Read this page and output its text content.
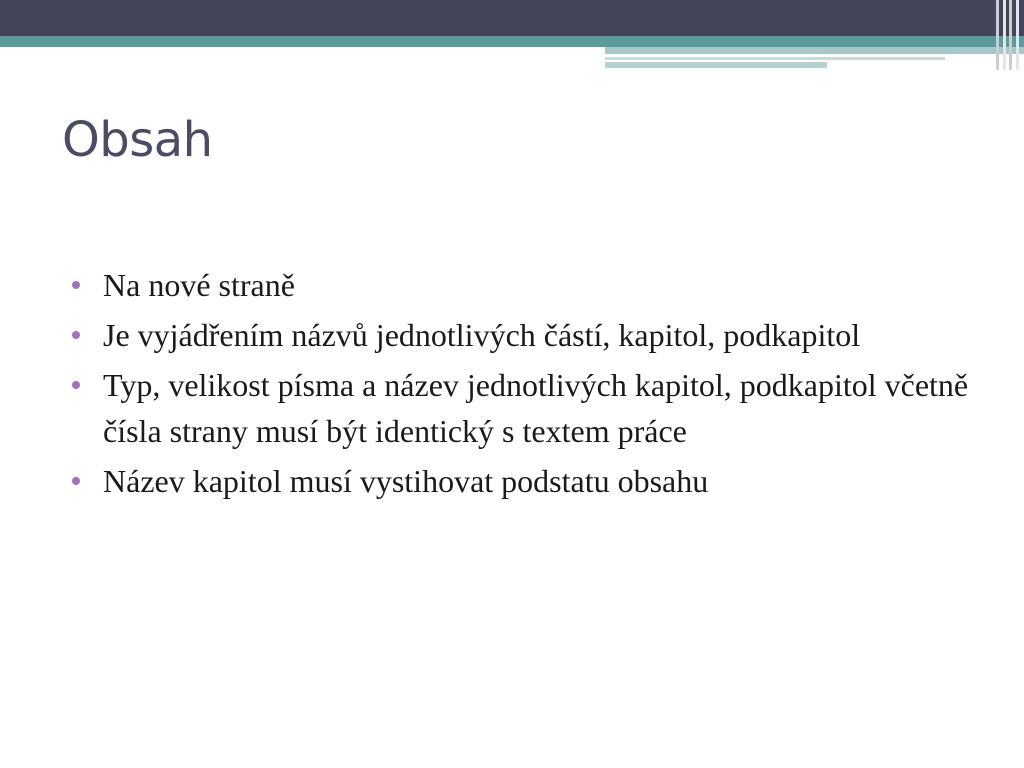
Obsah
Na nové straně
Je vyjádřením názvů jednotlivých částí, kapitol, podkapitol
Typ, velikost písma a název jednotlivých kapitol, podkapitol včetně čísla strany musí být identický s textem práce
Název kapitol musí vystihovat podstatu obsahu
